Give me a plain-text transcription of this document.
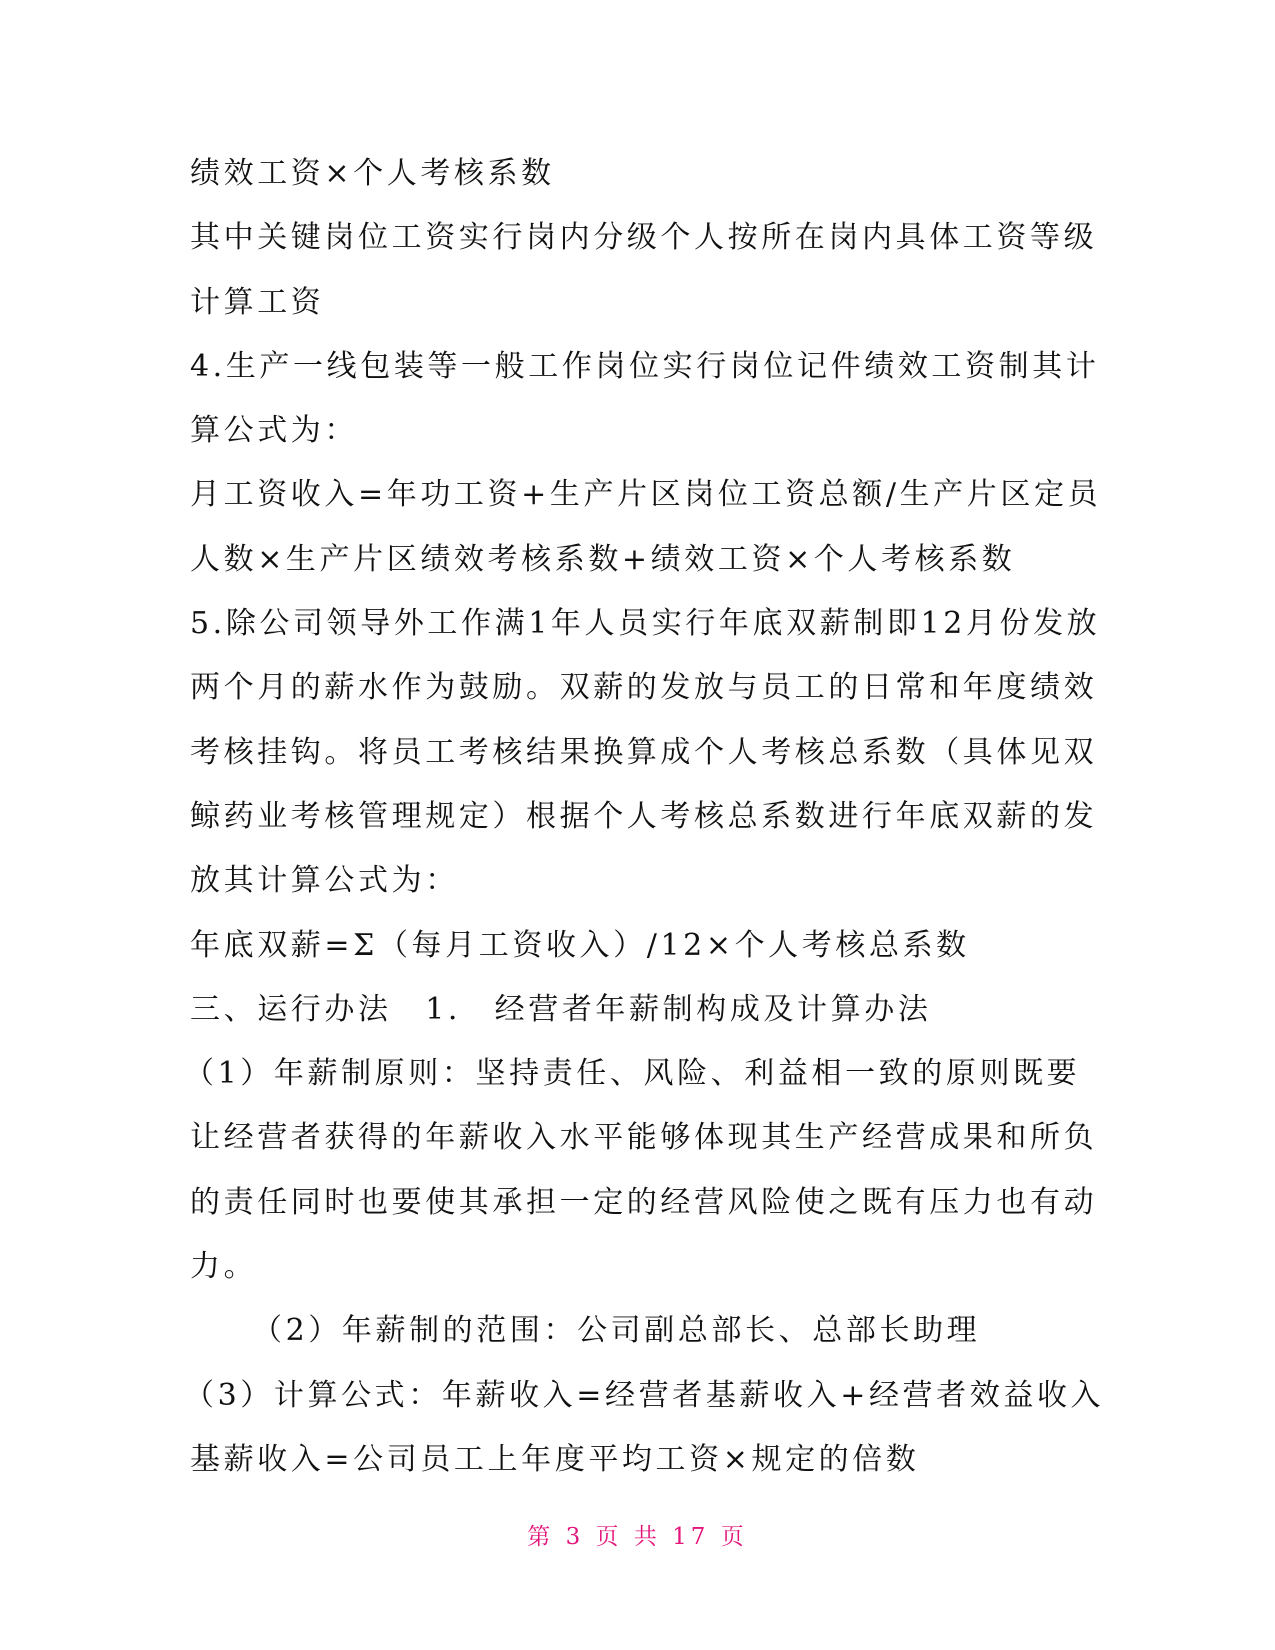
绩效工资×个人考核系数
其中关键岗位工资实行岗内分级个人按所在岗内具体工资等级
计算工资
4.生产一线包装等一般工作岗位实行岗位记件绩效工资制其计
算公式为：
月工资收入=年功工资+生产片区岗位工资总额/生产片区定员
人数×生产片区绩效考核系数+绩效工资×个人考核系数
5.除公司领导外工作满1年人员实行年底双薪制即12月份发放
两个月的薪水作为鼓励。双薪的发放与员工的日常和年度绩效
考核挂钩。将员工考核结果换算成个人考核总系数（具体见双
鲸药业考核管理规定）根据个人考核总系数进行年底双薪的发
放其计算公式为：
年底双薪=Σ（每月工资收入）/12×个人考核总系数
三、运行办法　1.　经营者年薪制构成及计算办法
（1）年薪制原则：坚持责任、风险、利益相一致的原则既要
让经营者获得的年薪收入水平能够体现其生产经营成果和所负
的责任同时也要使其承担一定的经营风险使之既有压力也有动
力。
（2）年薪制的范围：公司副总部长、总部长助理
（3）计算公式：年薪收入=经营者基薪收入+经营者效益收入
基薪收入=公司员工上年度平均工资×规定的倍数
第 3 页 共 17 页
